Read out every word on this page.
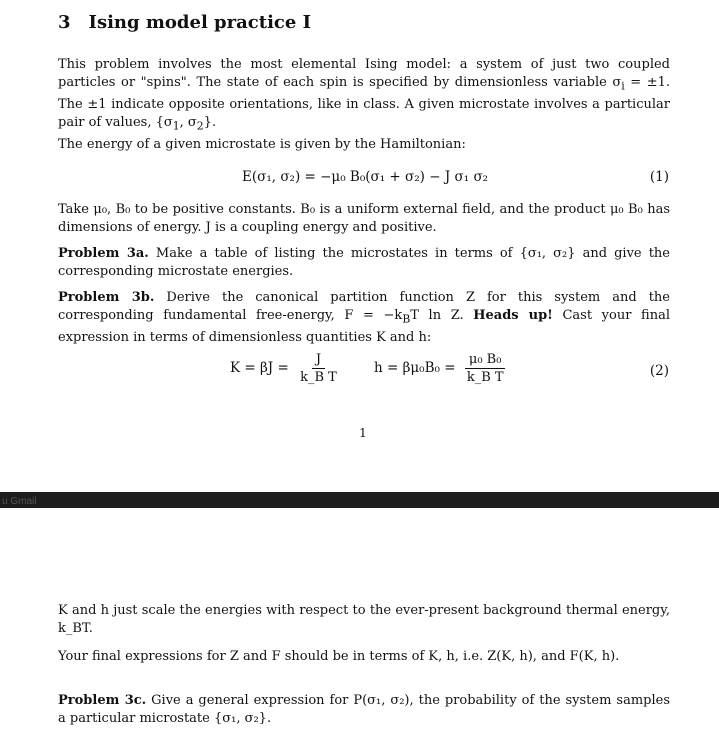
3 Ising model practice I

This problem involves the most elemental Ising model: a system of just two coupled particles or "spins". The state of each spin is specified by dimensionless variable $\sigma_i = \pm 1$. The ±1 indicate opposite orientations, like in class. A given microstate involves a particular pair of values, {$\sigma_1$, $\sigma_2$}.

The energy of a given microstate is given by the Hamiltonian:

E(σ₁, σ₂) = −μ₀ B₀(σ₁ + σ₂) − J σ₁ σ₂	(1)

Take μ₀, B₀ to be positive constants. B₀ is a uniform external field, and the product μ₀ B₀ has dimensions of energy. J is a coupling energy and positive.

Problem 3a. Make a table of listing the microstates in terms of {σ₁, σ₂} and give the corresponding microstate energies.

Problem 3b. Derive the canonical partition function Z for this system and the corresponding fundamental free-energy, $F = -k_BT$ ln Z. Heads up! Cast your final expression in terms of dimensionless quantities K and h:

$K = \beta J = \frac{J}{\text{k\_B T}}$ $h = \beta\mu_0B_0 = \frac{\text{μ₀ B₀}}{\text{k\_B T}}$	(2)
1
u Gmail

K and h just scale the energies with respect to the ever-present background thermal energy, k_BT.

Your final expressions for Z and F should be in terms of K, h, i.e. Z(K, h), and F(K, h).

Problem 3c. Give a general expression for P(σ₁, σ₂), the probability of the system samples a particular microstate {σ₁, σ₂}.
